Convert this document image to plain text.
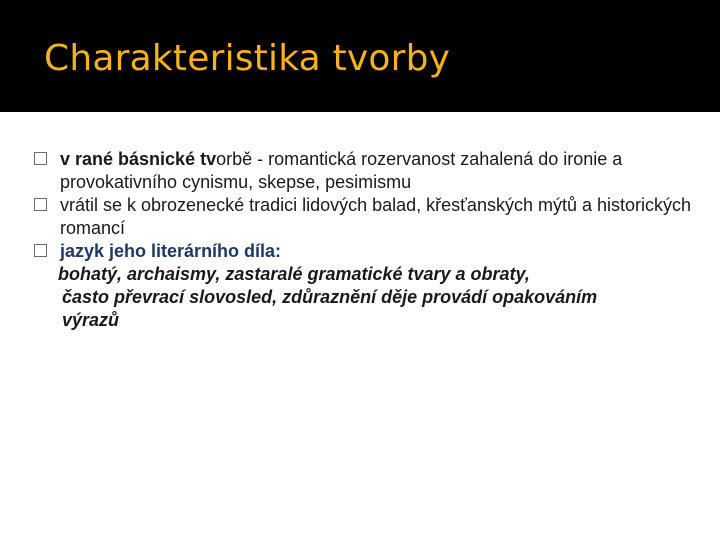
Charakteristika tvorby

v rané básnické tvorbě - romantická rozervanost zahalená do ironie a provokativního cynismu, skepse, pesimismu

vrátil se k obrozenecké tradici lidových balad, křesťanských mýtů a historických romancí

jazyk jeho literárního díla:

bohatý, archaismy, zastaralé gramatické tvary a obraty,
často převrací slovosled, zdůraznění děje provádí opakováním
výrazů
